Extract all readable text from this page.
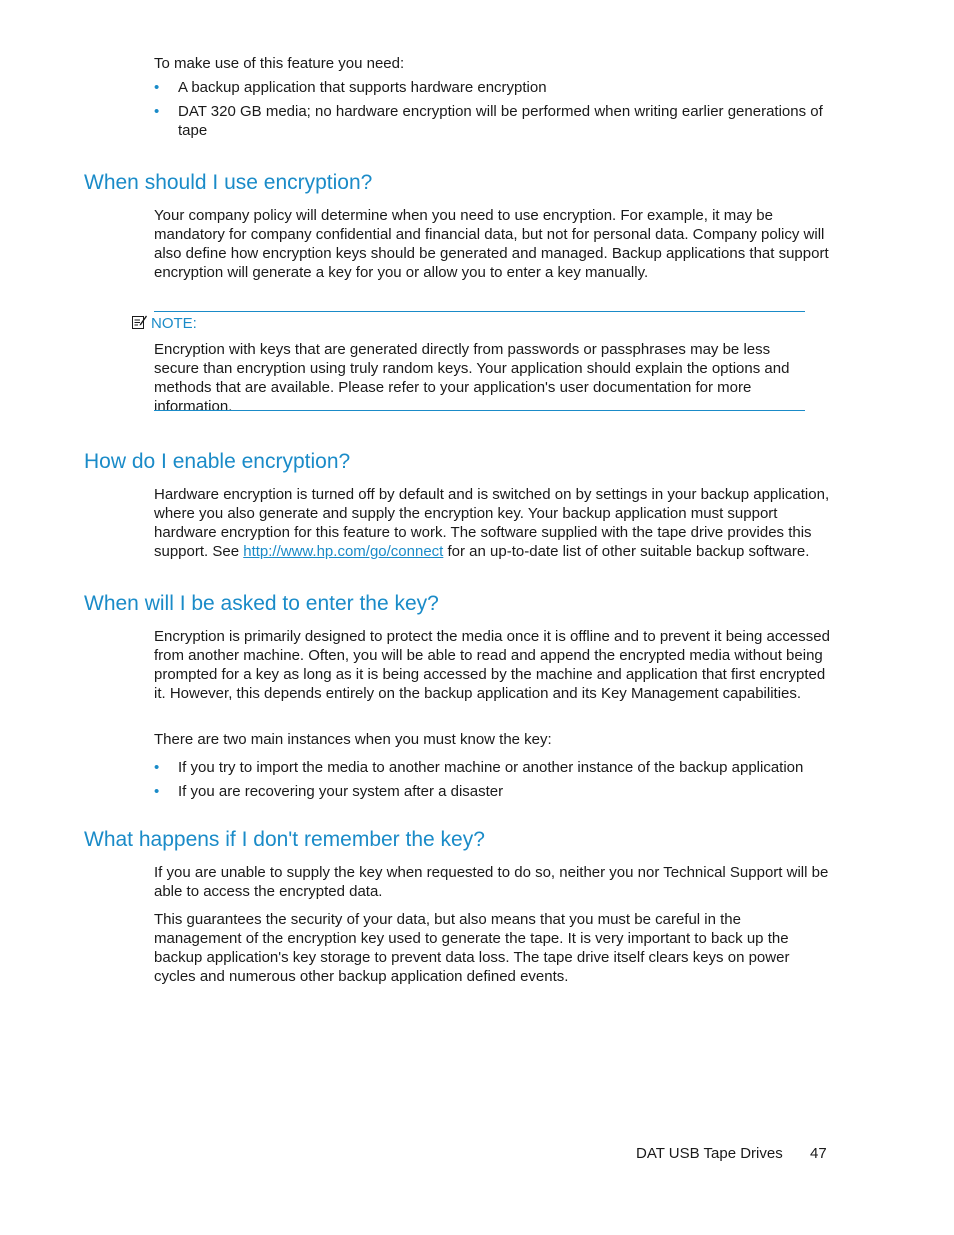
To make use of this feature you need:

• A backup application that supports hardware encryption
• DAT 320 GB media; no hardware encryption will be performed when writing earlier generations of tape
When should I use encryption?

Your company policy will determine when you need to use encryption. For example, it may be mandatory for company confidential and financial data, but not for personal data. Company policy will also define how encryption keys should be generated and managed. Backup applications that support encryption will generate a key for you or allow you to enter a key manually.

NOTE:

Encryption with keys that are generated directly from passwords or passphrases may be less secure than encryption using truly random keys. Your application should explain the options and methods that are available. Please refer to your application's user documentation for more information.

How do I enable encryption?

Hardware encryption is turned off by default and is switched on by settings in your backup application, where you also generate and supply the encryption key. Your backup application must support hardware encryption for this feature to work. The software supplied with the tape drive provides this support. See http://www.hp.com/go/connect for an up-to-date list of other suitable backup software.

When will I be asked to enter the key?

Encryption is primarily designed to protect the media once it is offline and to prevent it being accessed from another machine. Often, you will be able to read and append the encrypted media without being prompted for a key as long as it is being accessed by the machine and application that first encrypted it. However, this depends entirely on the backup application and its Key Management capabilities.

There are two main instances when you must know the key:

• If you try to import the media to another machine or another instance of the backup application
• If you are recovering your system after a disaster
What happens if I don't remember the key?

If you are unable to supply the key when requested to do so, neither you nor Technical Support will be able to access the encrypted data.

This guarantees the security of your data, but also means that you must be careful in the management of the encryption key used to generate the tape. It is very important to back up the backup application's key storage to prevent data loss. The tape drive itself clears keys on power cycles and numerous other backup application defined events.

DAT USB Tape Drives 47
